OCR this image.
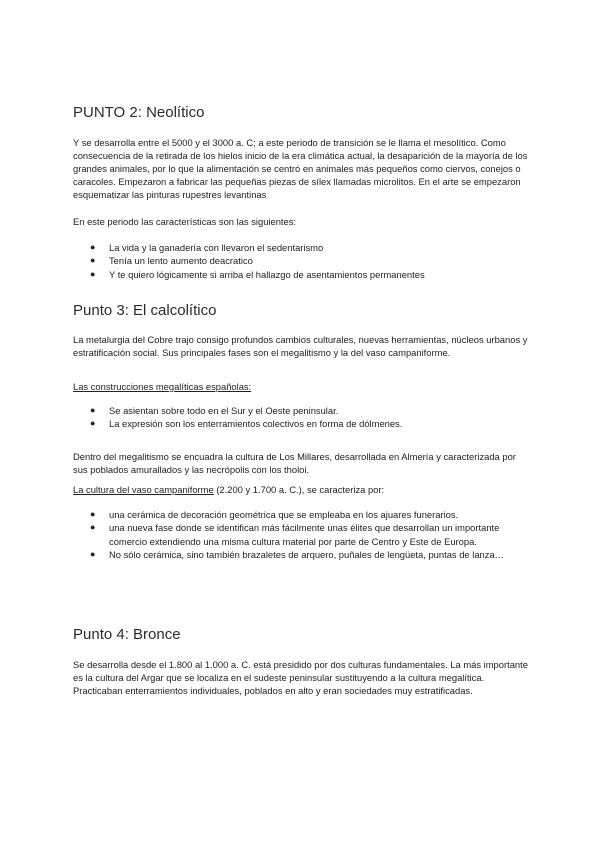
PUNTO 2: Neolítico

Y se desarrolla entre el 5000 y el 3000 a. C; a este periodo de transición se le llama el mesolítico. Como consecuencia de la retirada de los hielos inicio de la era climática actual, la desaparición de la mayoría de los grandes animales, por lo que la alimentación se centró en animales más pequeños como ciervos, conejos o caracoles. Empezaron a fabricar las pequeñas piezas de sílex llamadas microlitos. En el arte se empezaron esquematizar las pinturas rupestres levantinas

En este periodo las características son las siguientes:

● La vida y la ganadería con llevaron el sedentarismo
● Tenía un lento aumento deacratico
● Y te quiero lógicamente si arriba el hallazgo de asentamientos permanentes
Punto 3: El calcolítico

La metalurgia del Cobre trajo consigo profundos cambios culturales, nuevas herramientas, núcleos urbanos y estratificación social. Sus principales fases son el megalitismo y la del vaso campaniforme.

Las construcciones megalíticas españolas:

● Se asientan sobre todo en el Sur y el Oeste peninsular.
● La expresión son los enterramientos colectivos en forma de dólmenes.

Dentro del megalitismo se encuadra la cultura de Los Millares, desarrollada en Almería y caracterizada por sus poblados amurallados y las necrópolis con los tholoi.

La cultura del vaso campaniforme (2.200 y 1.700 a. C.), se caracteriza por:

● una cerámica de decoración geométrica que se empleaba en los ajuares funerarios.
● una nueva fase donde se identifican más fácilmente unas élites que desarrollan un importante comercio extendiendo una misma cultura material por parte de Centro y Este de Europa.
● No sólo cerámica, sino también brazaletes de arquero, puñales de lengüeta, puntas de lanza…
Punto 4: Bronce

Se desarrolla desde el 1.800 al 1.000 a. C. está presidido por dos culturas fundamentales. La más importante es la cultura del Argar que se localiza en el sudeste peninsular sustituyendo a la cultura megalítica. Practicaban enterramientos individuales, poblados en alto y eran sociedades muy estratificadas.
